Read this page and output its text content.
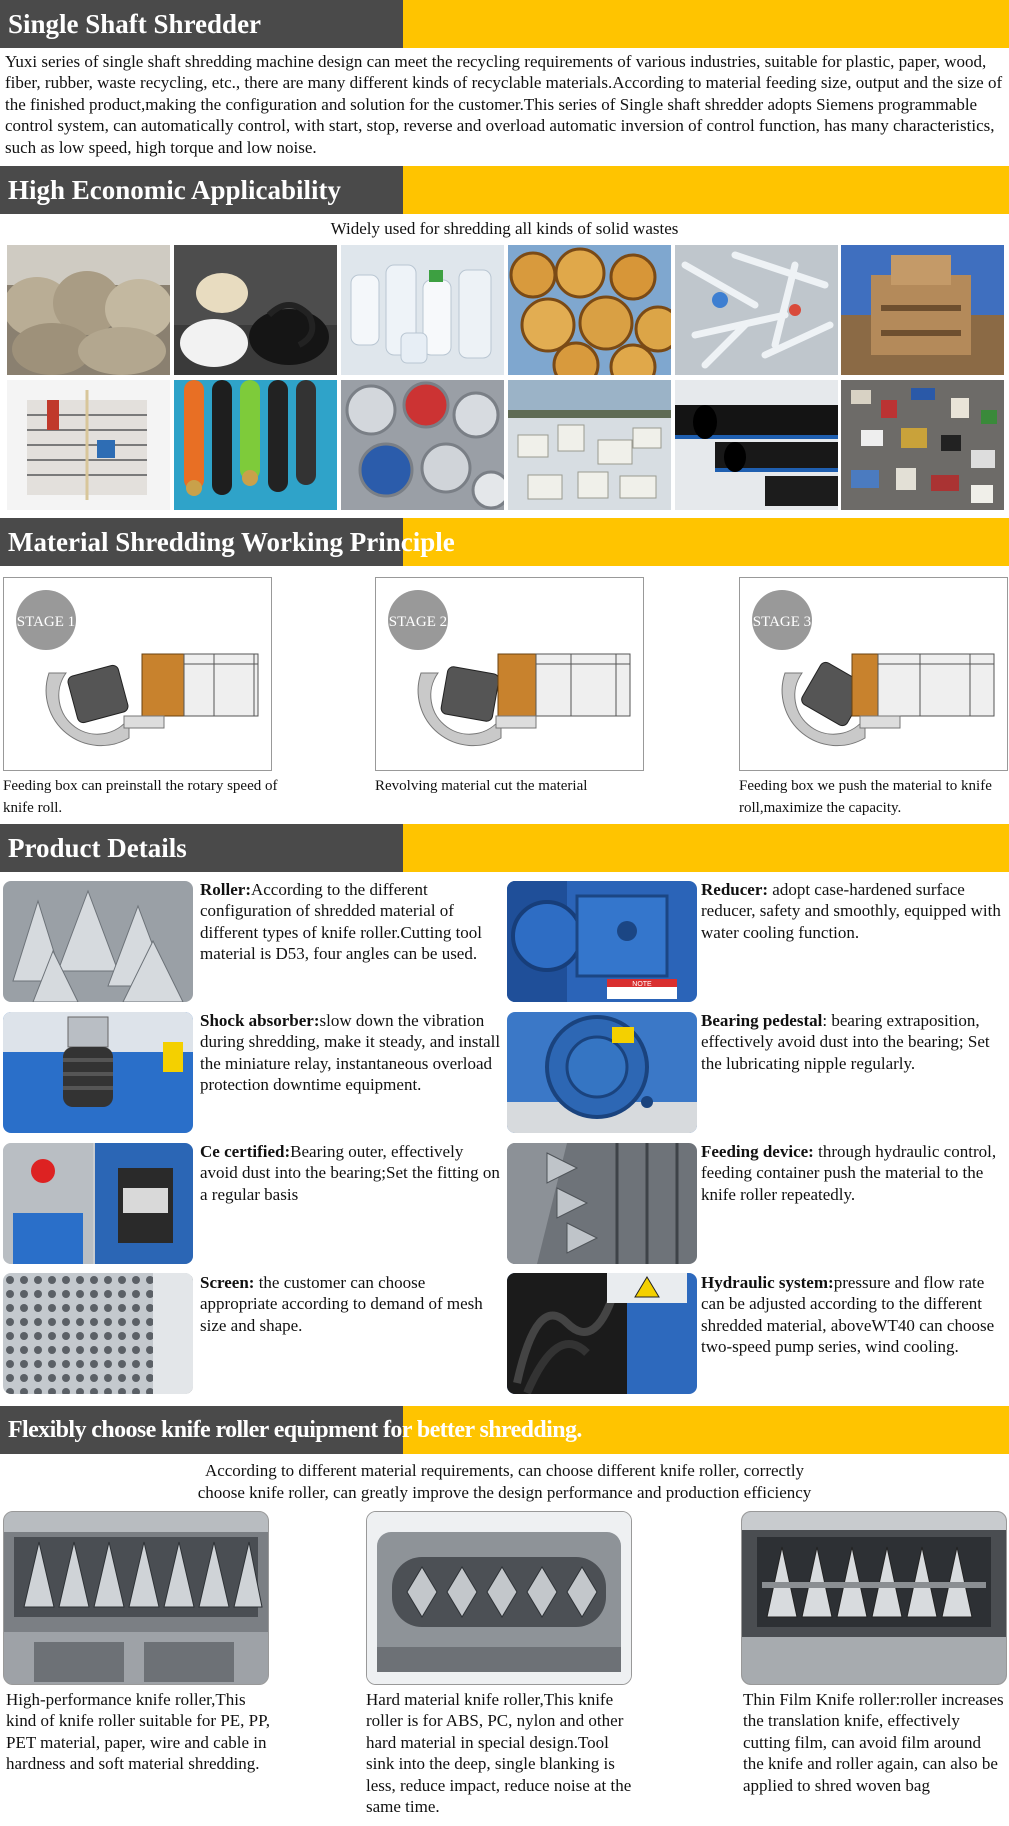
Single Shaft Shredder
Yuxi series of single shaft shredding machine design can meet the recycling requirements of various industries, suitable for plastic, paper, wood, fiber, rubber, waste recycling, etc., there are many different kinds of recyclable materials.According to material feeding size, output and the size of the finished product,making the configuration and solution for the customer.This series of Single shaft shredder adopts Siemens programmable control system, can automatically control, with start, stop, reverse and overload automatic inversion of control function, has many characteristics, such as low speed, high torque and low noise.
High Economic Applicability
Widely used for shredding all kinds of solid wastes
Material Shredding Working Principle
STAGE 1
Feeding box can preinstall the rotary speed of knife roll.
STAGE 2
Revolving material cut the material
STAGE 3
Feeding box we push the material to knife roll,maximize the capacity.
Product Details
Roller:According to the different configuration of shredded material of different types of knife roller.Cutting tool material is D53, four angles can be used.
NOTE
Reducer: adopt case-hardened surface reducer, safety and smoothly, equipped with water cooling function.
Shock absorber:slow down the vibration during shredding, make it steady, and install the miniature relay, instantaneous overload protection downtime equipment.
Bearing pedestal: bearing extraposition, effectively avoid dust into the bearing; Set the lubricating nipple regularly.
Ce certified:Bearing outer, effectively avoid dust into the bearing;Set the fitting on a regular basis
Feeding device: through hydraulic control, feeding container push the material to the knife roller repeatedly.
Screen: the customer can choose appropriate according to demand of mesh size and shape.
Hydraulic system:pressure and flow rate can be adjusted according to the different shredded material, aboveWT40 can choose two-speed pump series, wind cooling.
Flexibly choose knife roller equipment for better shredding.
According to different material requirements, can choose different knife roller, correctly
choose knife roller, can greatly improve the design performance and production efficiency
High-performance knife roller,This kind of knife roller suitable for PE, PP, PET material, paper, wire and cable in hardness and soft material shredding.
Hard material knife roller,This knife roller is for ABS, PC, nylon and other hard material in special design.Tool sink into the deep, single blanking is less, reduce impact, reduce noise at the same time.
Thin Film Knife roller:roller increases the translation knife, effectively cutting film, can avoid film around the knife and roller again, can also be applied to shred woven bag
